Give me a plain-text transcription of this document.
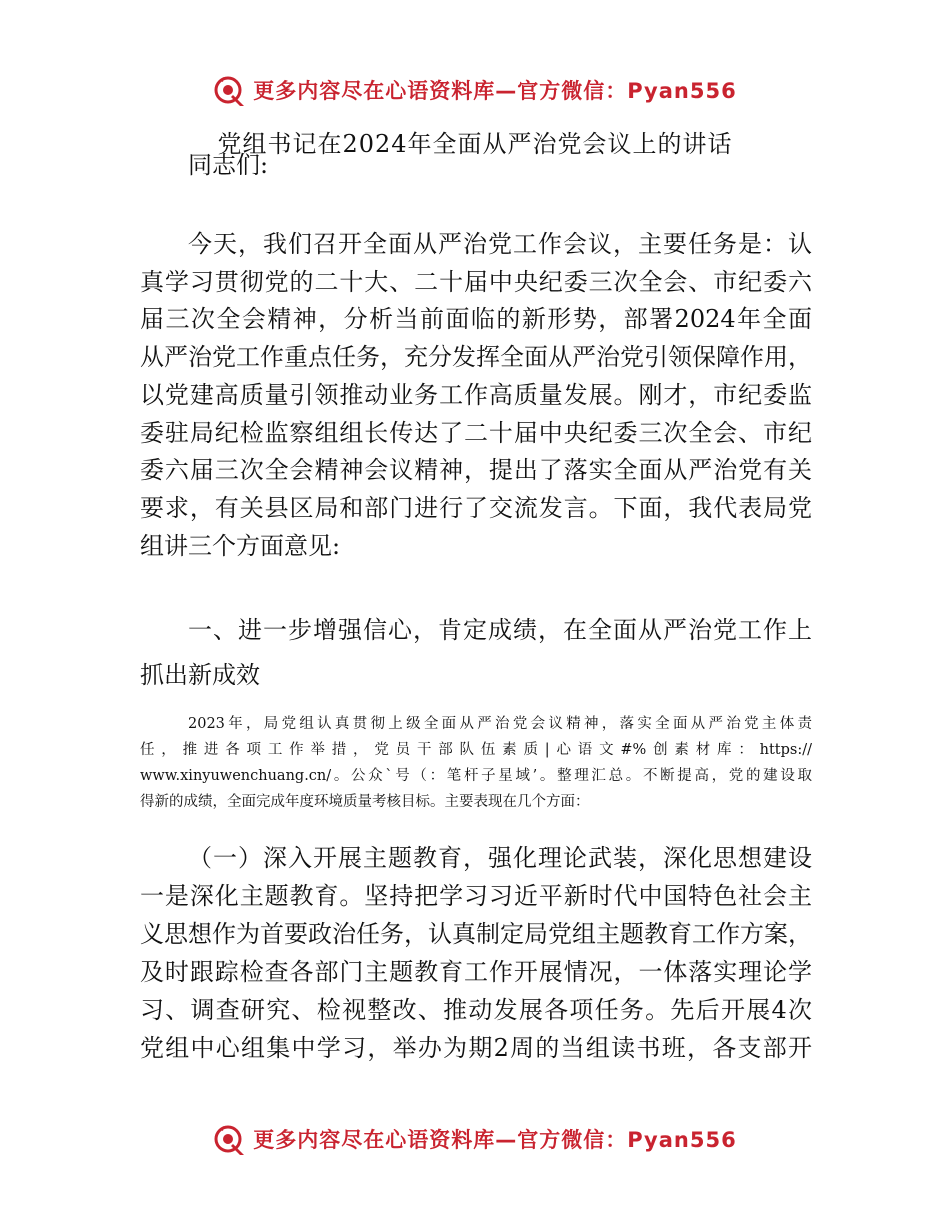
更多内容尽在心语资料库—官方微信：Pyan556
党组书记在2024年全面从严治党会议上的讲话
同志们:
今天，我们召开全面从严治党工作会议，主要任务是：认
真学习贯彻党的二十大、二十届中央纪委三次全会、市纪委六
届三次全会精神，分析当前面临的新形势，部署2024年全面
从严治党工作重点任务，充分发挥全面从严治党引领保障作用，
以党建高质量引领推动业务工作高质量发展。刚才，市纪委监
委驻局纪检监察组组长传达了二十届中央纪委三次全会、市纪
委六届三次全会精神会议精神，提出了落实全面从严治党有关
要求，有关县区局和部门进行了交流发言。下面，我代表局党
组讲三个方面意见:
一、进一步增强信心，肯定成绩，在全面从严治党工作上
抓出新成效
2023年，局党组认真贯彻上级全面从严治党会议精神，落实全面从严治党主体责
任，推进各项工作举措，党员干部队伍素质|心语文#%创素材库：https://
www.xinyuwenchuang.cn/。公众`号（：笔杆子星域’。整理汇总。不断提高，党的建设取
得新的成绩，全面完成年度环境质量考核目标。主要表现在几个方面：
（一）深入开展主题教育，强化理论武装，深化思想建设
一是深化主题教育。坚持把学习习近平新时代中国特色社会主
义思想作为首要政治任务，认真制定局党组主题教育工作方案，
及时跟踪检查各部门主题教育工作开展情况，一体落实理论学
习、调查研究、检视整改、推动发展各项任务。先后开展4次
党组中心组集中学习，举办为期2周的当组读书班，各支部开
更多内容尽在心语资料库—官方微信：Pyan556
